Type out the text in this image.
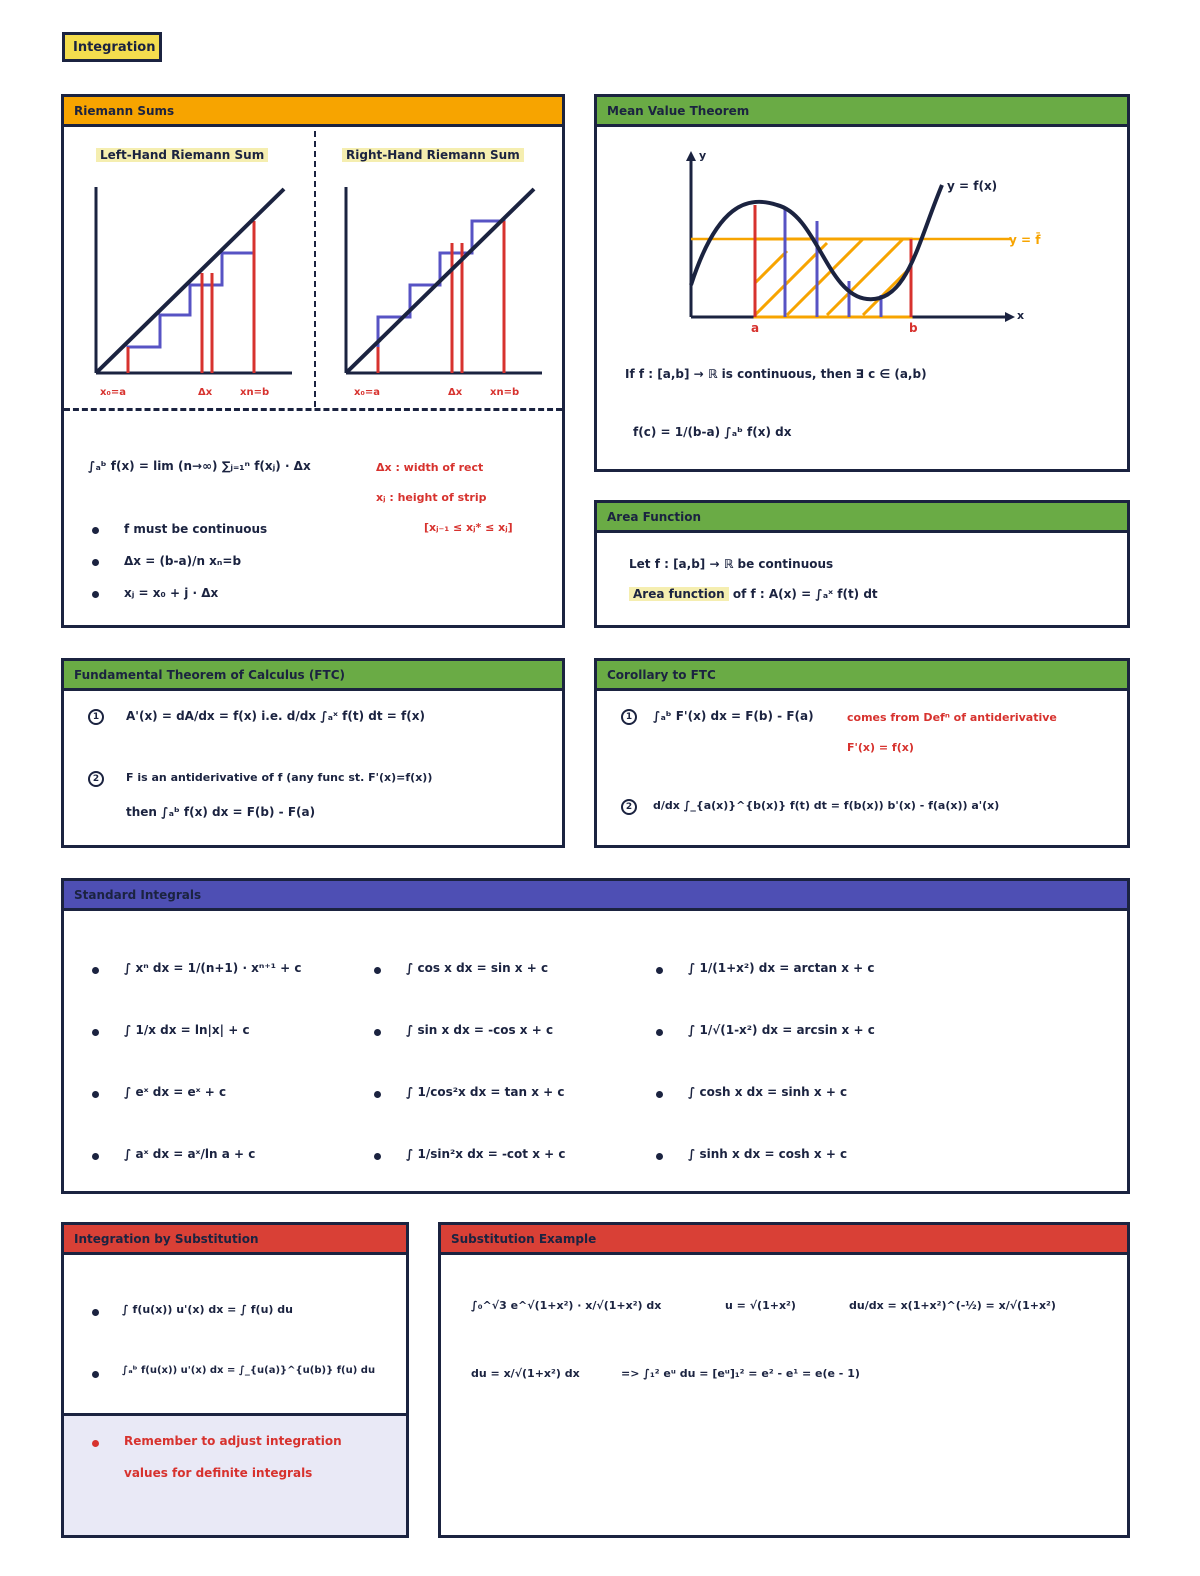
Integration
Riemann Sums
Left-Hand Riemann Sum	Right-Hand Riemann Sum
x₀=a	Δx	xn=b	x₀=a	Δx	xn=b
∫ₐᵇ f(x) = lim (n→∞) ∑ⱼ₌₁ⁿ f(xⱼ) · Δx	Δx : width of rect
xⱼ : height of strip
[xⱼ₋₁ ≤ xⱼ* ≤ xⱼ]
f must be continuous
Δx = (b-a)/n xₙ=b
xⱼ = x₀ + j · Δx
Mean Value Theorem
y
x
y = f(x)
y = f̄
a	b
If f : [a,b] → ℝ is continuous, then ∃ c ∈ (a,b)
f(c) = 1/(b-a) ∫ₐᵇ f(x) dx
Area Function
Let f : [a,b] → ℝ be continuous
Area function of f : A(x) = ∫ₐˣ f(t) dt
Fundamental Theorem of Calculus (FTC)
1	A'(x) = dA/dx = f(x) i.e. d/dx ∫ₐˣ f(t) dt = f(x)
2	F is an antiderivative of f (any func st. F'(x)=f(x))
then ∫ₐᵇ f(x) dx = F(b) - F(a)
Corollary to FTC
1	∫ₐᵇ F'(x) dx = F(b) - F(a)	comes from Defⁿ of antiderivative
F'(x) = f(x)
2	d/dx ∫_{a(x)}^{b(x)} f(t) dt = f(b(x)) b'(x) - f(a(x)) a'(x)
Standard Integrals
∫ xⁿ dx = 1/(n+1) · xⁿ⁺¹ + c
∫ 1/x dx = ln|x| + c
∫ eˣ dx = eˣ + c
∫ aˣ dx = aˣ/ln a + c
∫ cos x dx = sin x + c
∫ sin x dx = -cos x + c
∫ 1/cos²x dx = tan x + c
∫ 1/sin²x dx = -cot x + c
∫ 1/(1+x²) dx = arctan x + c
∫ 1/√(1-x²) dx = arcsin x + c
∫ cosh x dx = sinh x + c
∫ sinh x dx = cosh x + c
Integration by Substitution
∫ f(u(x)) u'(x) dx = ∫ f(u) du
∫ₐᵇ f(u(x)) u'(x) dx = ∫_{u(a)}^{u(b)} f(u) du
Remember to adjust integration
values for definite integrals
Substitution Example
∫₀^√3 e^√(1+x²) · x/√(1+x²) dx	u = √(1+x²)	du/dx = x(1+x²)^(-½) = x/√(1+x²)
du = x/√(1+x²) dx	=> ∫₁² eᵘ du = [eᵘ]₁² = e² - e¹ = e(e - 1)
